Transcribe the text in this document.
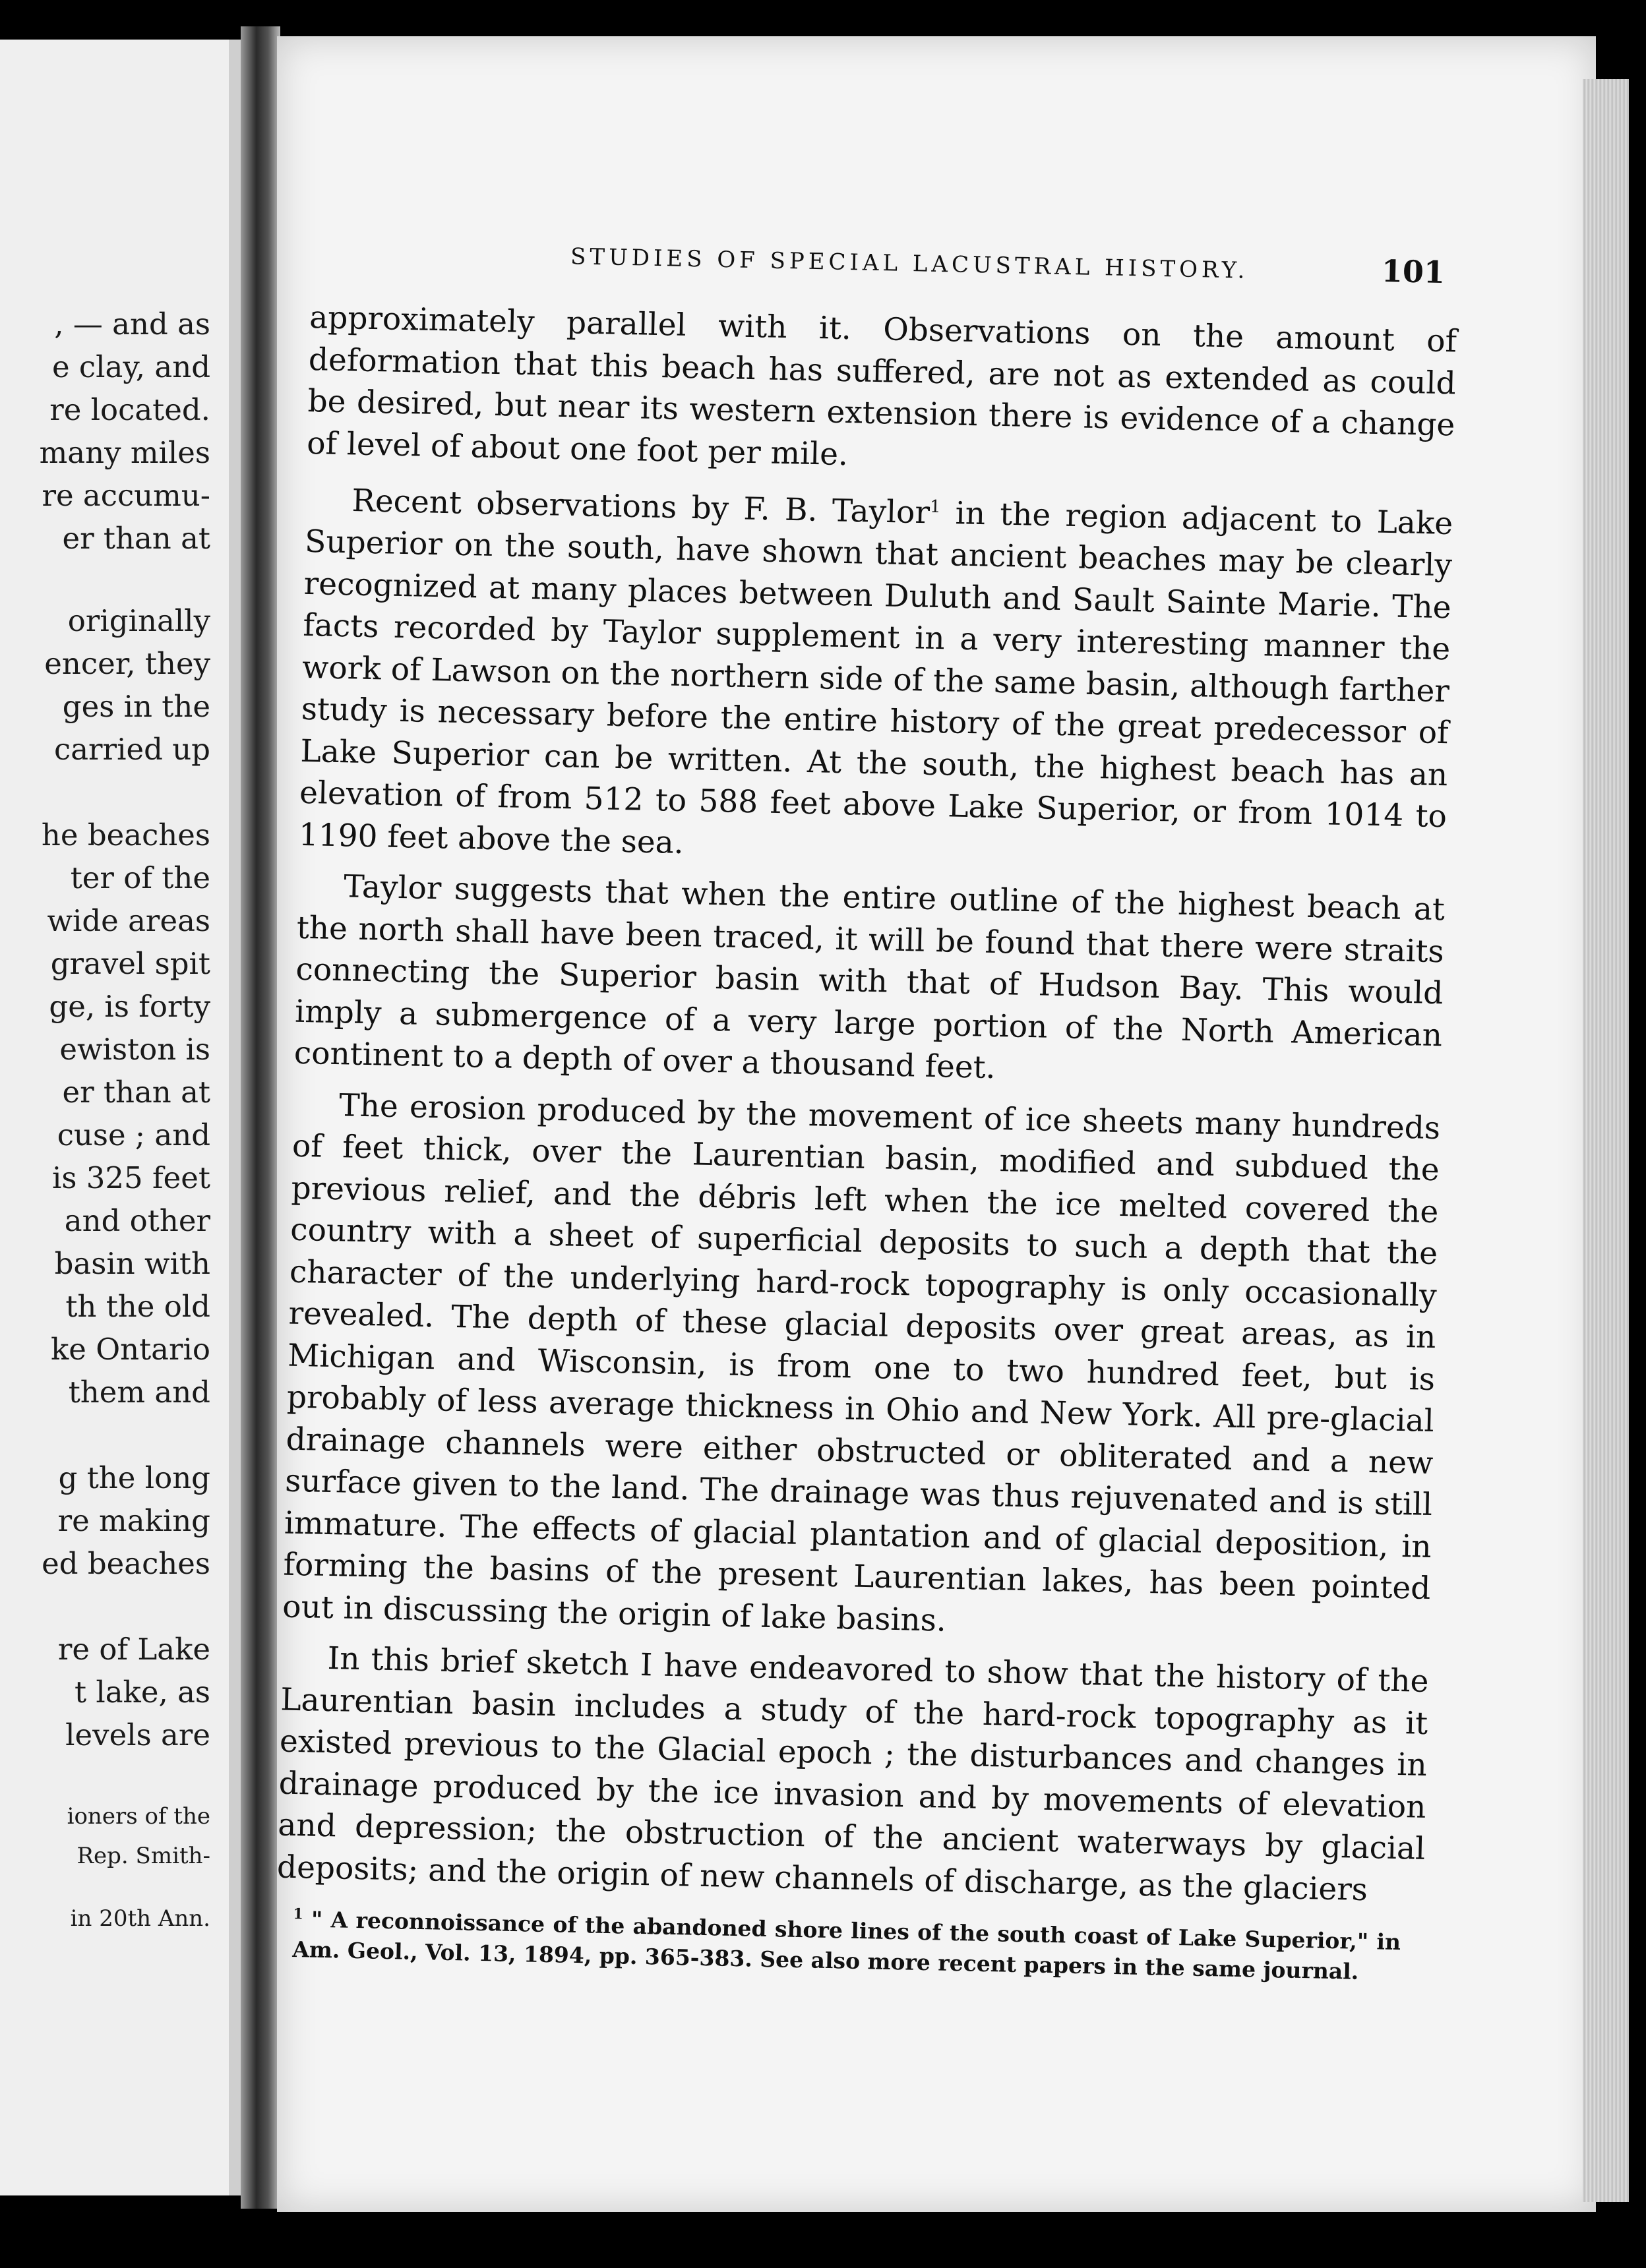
, — and as
e clay, and
re located.
many miles
re accumu-
er than at
originally
encer, they
ges in the
carried up
he beaches
ter of the
wide areas
gravel spit
ge, is forty
ewiston is
er than at
cuse ; and
is 325 feet
and other
basin with
th the old
ke Ontario
them and
g the long
re making
ed beaches
re of Lake
t lake, as
levels are
ioners of the
Rep. Smith-
in 20th Ann.
STUDIES OF SPECIAL LACUSTRAL HISTORY.	101

approximately parallel with it. Observations on the amount of deformation that this beach has suffered, are not as extended as could be desired, but near its western extension there is evidence of a change of level of about one foot per mile.

Recent observations by F. B. Taylor$^1$ in the region adjacent to Lake Superior on the south, have shown that ancient beaches may be clearly recognized at many places between Duluth and Sault Sainte Marie. The facts recorded by Taylor supplement in a very interesting manner the work of Lawson on the northern side of the same basin, although farther study is necessary before the entire history of the great predecessor of Lake Superior can be written. At the south, the highest beach has an elevation of from 512 to 588 feet above Lake Superior, or from 1014 to 1190 feet above the sea.

Taylor suggests that when the entire outline of the highest beach at the north shall have been traced, it will be found that there were straits connecting the Superior basin with that of Hudson Bay. This would imply a submergence of a very large portion of the North American continent to a depth of over a thousand feet.

The erosion produced by the movement of ice sheets many hundreds of feet thick, over the Laurentian basin, modified and subdued the previous relief, and the débris left when the ice melted covered the country with a sheet of superficial deposits to such a depth that the character of the underlying hard-rock topography is only occasionally revealed. The depth of these glacial deposits over great areas, as in Michigan and Wisconsin, is from one to two hundred feet, but is probably of less average thickness in Ohio and New York. All pre-glacial drainage channels were either obstructed or obliterated and a new surface given to the land. The drainage was thus rejuvenated and is still immature. The effects of glacial plantation and of glacial deposition, in forming the basins of the present Laurentian lakes, has been pointed out in discussing the origin of lake basins.

In this brief sketch I have endeavored to show that the history of the Laurentian basin includes a study of the hard-rock topography as it existed previous to the Glacial epoch ; the disturbances and changes in drainage produced by the ice invasion and by movements of elevation and depression; the obstruction of the ancient waterways by glacial deposits; and the origin of new channels of discharge, as the glaciers

$^1$ " A reconnoissance of the abandoned shore lines of the south coast of Lake Superior," in Am. Geol., Vol. 13, 1894, pp. 365-383. See also more recent papers in the same journal.
